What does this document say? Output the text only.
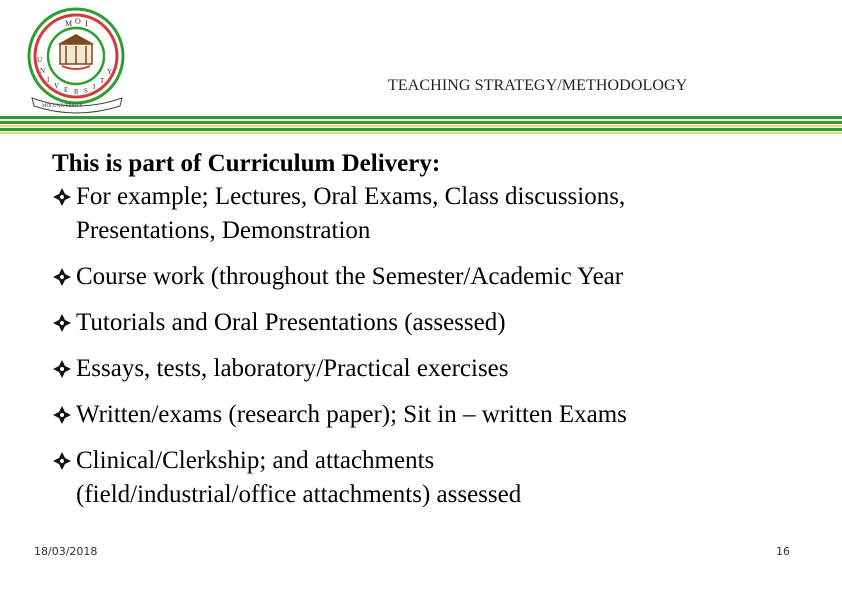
M O I
U
N
I
V E R S I
T
Y
MOI UNIVERSITY
TEACHING STRATEGY/METHODOLOGY

This is part of Curriculum Delivery:

For example; Lectures, Oral Exams, Class discussions,
Presentations, Demonstration
Course work (throughout the Semester/Academic Year
Tutorials and Oral Presentations (assessed)
Essays, tests, laboratory/Practical exercises
Written/exams (research paper); Sit in – written Exams
Clinical/Clerkship; and attachments
(field/industrial/office attachments) assessed
18/03/2018	16
